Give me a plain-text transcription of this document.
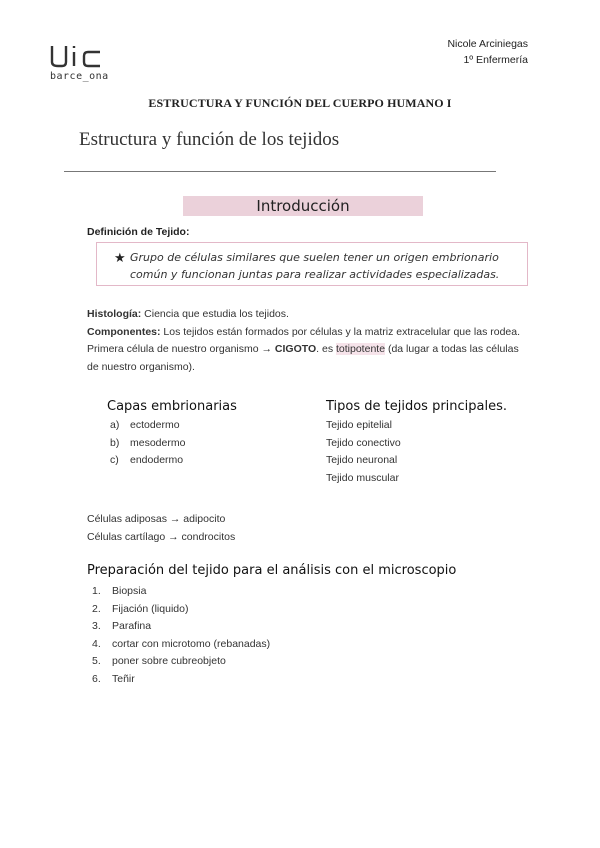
barce_ona
Nicole Arciniegas
1º Enfermería
ESTRUCTURA Y FUNCIÓN DEL CUERPO HUMANO I
Estructura y función de los tejidos
Introducción
Definición de Tejido:
★ Grupo de células similares que suelen tener un origen embrionario común y funcionan juntas para realizar actividades especializadas.
Histología: Ciencia que estudia los tejidos.
Componentes: Los tejidos están formados por células y la matriz extracelular que las rodea.
Primera célula de nuestro organismo → CIGOTO. es totipotente (da lugar a todas las células de nuestro organismo).
Capas embrionarias
a) ectodermo
b) mesodermo
c) endodermo
Tipos de tejidos principales.
Tejido epitelial
Tejido conectivo
Tejido neuronal
Tejido muscular
Células adiposas → adipocito
Células cartílago → condrocitos
Preparación del tejido para el análisis con el microscopio
1. Biopsia
2. Fijación (liquido)
3. Parafina
4. cortar con microtomo (rebanadas)
5. poner sobre cubreobjeto
6. Teñir
